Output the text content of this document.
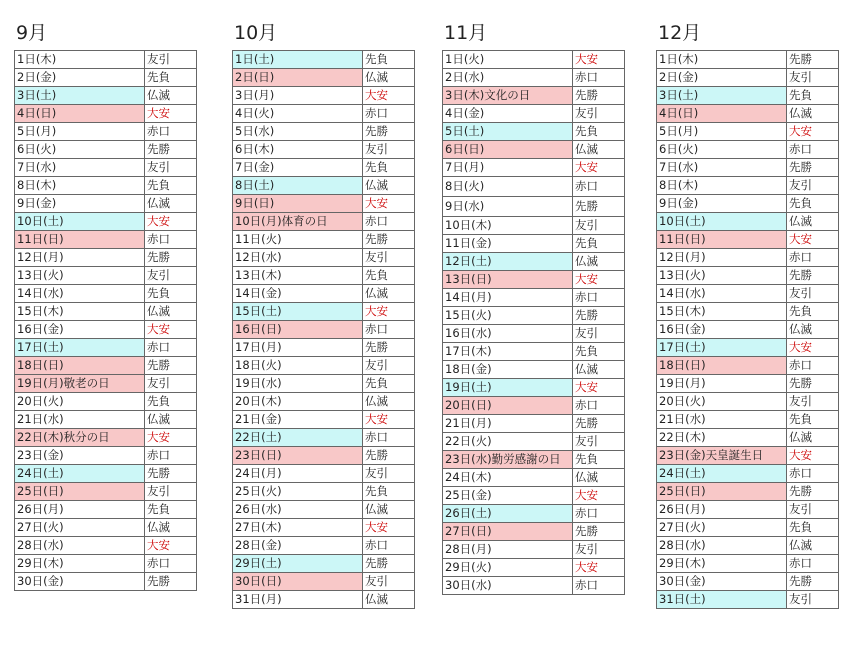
9月
1日(木)	友引
2日(金)	先負
3日(土)	仏滅
4日(日)	大安
5日(月)	赤口
6日(火)	先勝
7日(水)	友引
8日(木)	先負
9日(金)	仏滅
10日(土)	大安
11日(日)	赤口
12日(月)	先勝
13日(火)	友引
14日(水)	先負
15日(木)	仏滅
16日(金)	大安
17日(土)	赤口
18日(日)	先勝
19日(月)敬老の日	友引
20日(火)	先負
21日(水)	仏滅
22日(木)秋分の日	大安
23日(金)	赤口
24日(土)	先勝
25日(日)	友引
26日(月)	先負
27日(火)	仏滅
28日(水)	大安
29日(木)	赤口
30日(金)	先勝
10月
1日(土)	先負
2日(日)	仏滅
3日(月)	大安
4日(火)	赤口
5日(水)	先勝
6日(木)	友引
7日(金)	先負
8日(土)	仏滅
9日(日)	大安
10日(月)体育の日	赤口
11日(火)	先勝
12日(水)	友引
13日(木)	先負
14日(金)	仏滅
15日(土)	大安
16日(日)	赤口
17日(月)	先勝
18日(火)	友引
19日(水)	先負
20日(木)	仏滅
21日(金)	大安
22日(土)	赤口
23日(日)	先勝
24日(月)	友引
25日(火)	先負
26日(水)	仏滅
27日(木)	大安
28日(金)	赤口
29日(土)	先勝
30日(日)	友引
31日(月)	仏滅
11月
1日(火)	大安
2日(水)	赤口
3日(木)文化の日	先勝
4日(金)	友引
5日(土)	先負
6日(日)	仏滅
7日(月)	大安
8日(火)	赤口
9日(水)	先勝
10日(木)	友引
11日(金)	先負
12日(土)	仏滅
13日(日)	大安
14日(月)	赤口
15日(火)	先勝
16日(水)	友引
17日(木)	先負
18日(金)	仏滅
19日(土)	大安
20日(日)	赤口
21日(月)	先勝
22日(火)	友引
23日(水)勤労感謝の日	先負
24日(木)	仏滅
25日(金)	大安
26日(土)	赤口
27日(日)	先勝
28日(月)	友引
29日(火)	大安
30日(水)	赤口
12月
1日(木)	先勝
2日(金)	友引
3日(土)	先負
4日(日)	仏滅
5日(月)	大安
6日(火)	赤口
7日(水)	先勝
8日(木)	友引
9日(金)	先負
10日(土)	仏滅
11日(日)	大安
12日(月)	赤口
13日(火)	先勝
14日(水)	友引
15日(木)	先負
16日(金)	仏滅
17日(土)	大安
18日(日)	赤口
19日(月)	先勝
20日(火)	友引
21日(水)	先負
22日(木)	仏滅
23日(金)天皇誕生日	大安
24日(土)	赤口
25日(日)	先勝
26日(月)	友引
27日(火)	先負
28日(水)	仏滅
29日(木)	赤口
30日(金)	先勝
31日(土)	友引
